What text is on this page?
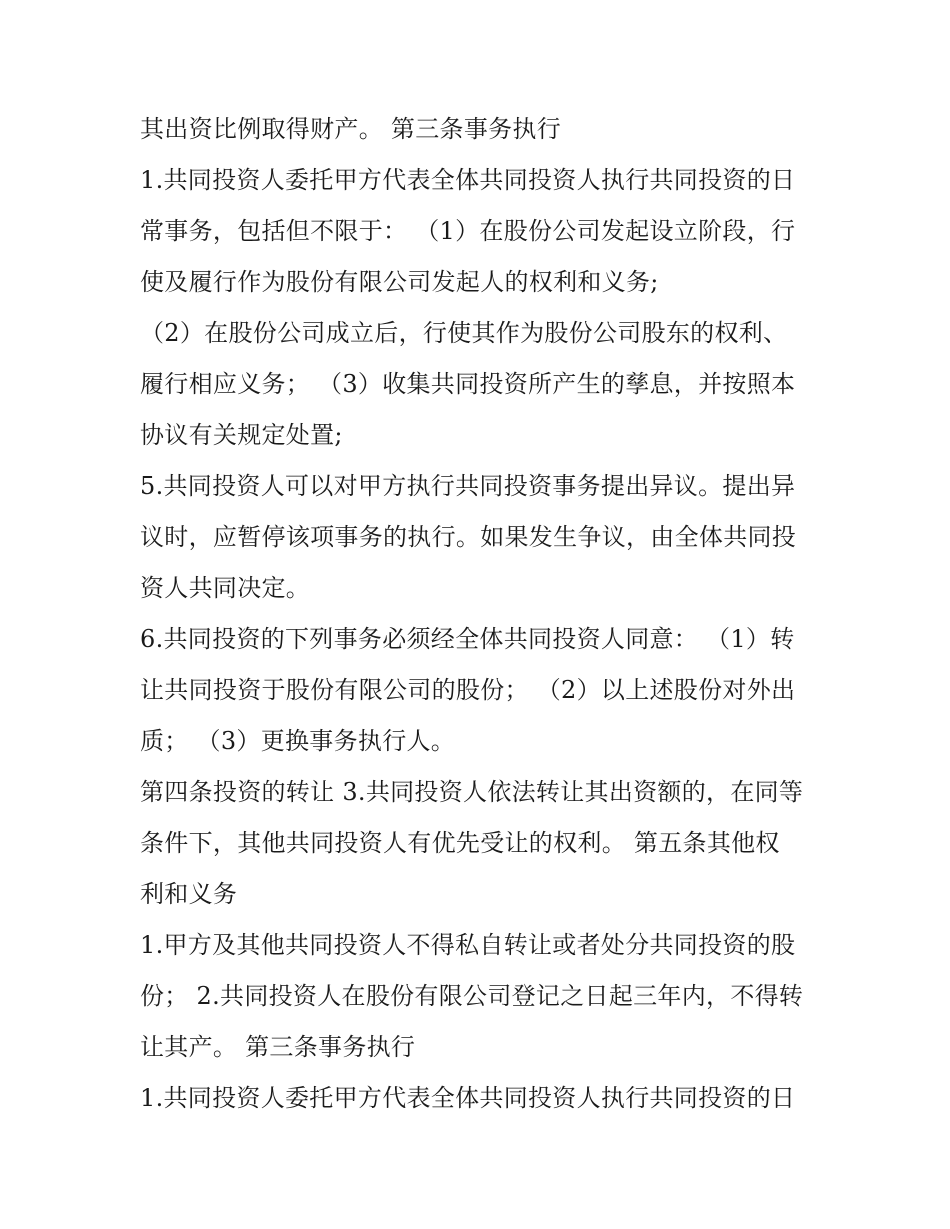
其出资比例取得财产。 第三条事务执行
1.共同投资人委托甲方代表全体共同投资人执行共同投资的日
常事务，包括但不限于： （1）在股份公司发起设立阶段，行
使及履行作为股份有限公司发起人的权利和义务;
（2）在股份公司成立后，行使其作为股份公司股东的权利、
履行相应义务； （3）收集共同投资所产生的孳息，并按照本
协议有关规定处置;
5.共同投资人可以对甲方执行共同投资事务提出异议。提出异
议时，应暂停该项事务的执行。如果发生争议，由全体共同投
资人共同决定。
6.共同投资的下列事务必须经全体共同投资人同意： （1）转
让共同投资于股份有限公司的股份； （2）以上述股份对外出
质； （3）更换事务执行人。
第四条投资的转让 3.共同投资人依法转让其出资额的，在同等
条件下，其他共同投资人有优先受让的权利。 第五条其他权
利和义务
1.甲方及其他共同投资人不得私自转让或者处分共同投资的股
份； 2.共同投资人在股份有限公司登记之日起三年内，不得转
让其产。 第三条事务执行
1.共同投资人委托甲方代表全体共同投资人执行共同投资的日
